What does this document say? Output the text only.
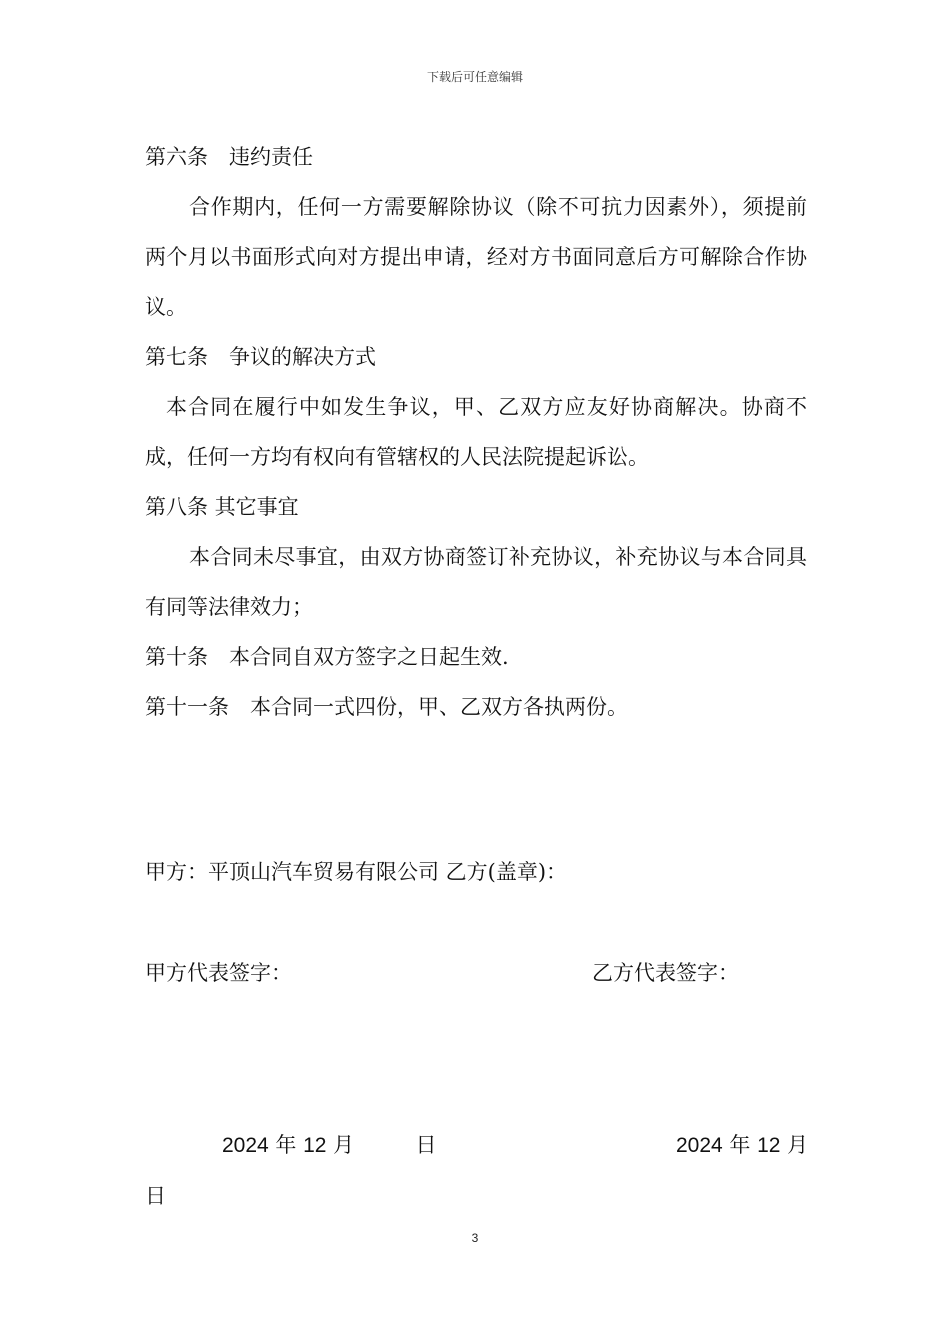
下载后可任意编辑

第六条　违约责任

合作期内，任何一方需要解除协议（除不可抗力因素外），须提前两个月以书面形式向对方提出申请，经对方书面同意后方可解除合作协议。

第七条　争议的解决方式

本合同在履行中如发生争议，甲、乙双方应友好协商解决。协商不成，任何一方均有权向有管辖权的人民法院提起诉讼。

第八条 其它事宜

本合同未尽事宜，由双方协商签订补充协议，补充协议与本合同具有同等法律效力；

第十条　本合同自双方签字之日起生效.

第十一条　本合同一式四份，甲、乙双方各执两份。

甲方：平顶山汽车贸易有限公司 乙方(盖章)：
甲方代表签字：	乙方代表签字：
2024 年 12 月	日	2024 年 12 月
日
3
